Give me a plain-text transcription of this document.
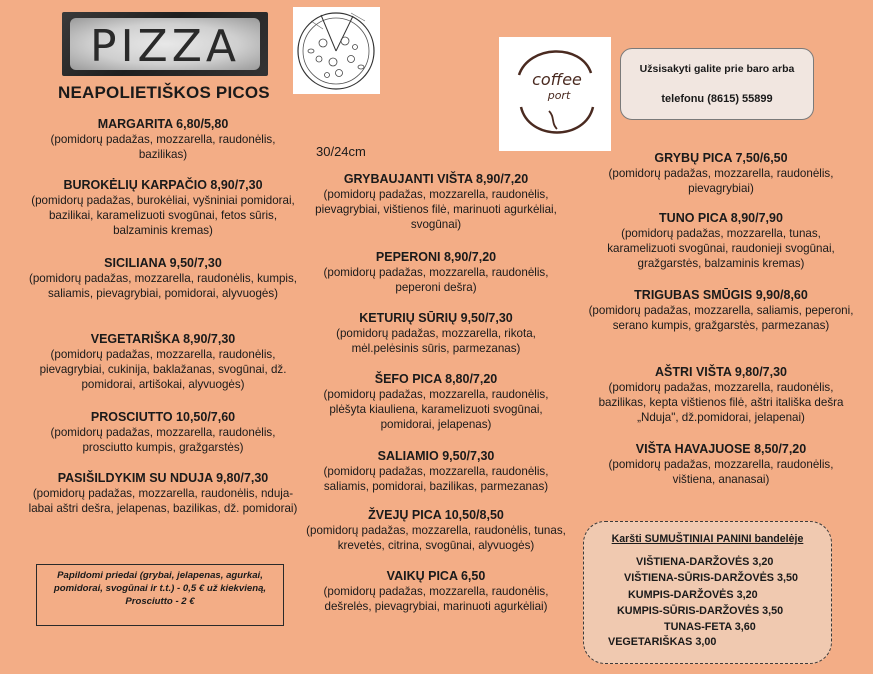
PIZZA
coffee
port
Užsisakyti galite prie baro arba
telefonu (8615) 55899
NEAPOLIETIŠKOS PICOS
30/24cm
MARGARITA 6,80/5,80
(pomidorų padažas, mozzarella, raudonėlis, bazilikas)
BUROKĖLIŲ KARPAČIO 8,90/7,30
(pomidorų padažas, burokėliai, vyšniniai pomidorai, bazilikai, karamelizuoti svogūnai, fetos sūris, balzaminis kremas)
SICILIANA 9,50/7,30
(pomidorų padažas, mozzarella, raudonėlis, kumpis, saliamis, pievagrybiai, pomidorai, alyvuogės)
VEGETARIŠKA 8,90/7,30
(pomidorų padažas, mozzarella, raudonėlis, pievagrybiai, cukinija, baklažanas, svogūnai, dž. pomidorai, artišokai, alyvuogės)
PROSCIUTTO 10,50/7,60
(pomidorų padažas, mozzarella, raudonėlis, prosciutto kumpis, gražgarstės)
PASIŠILDYKIM SU NDUJA 9,80/7,30
(pomidorų padažas, mozzarella, raudonėlis, nduja-labai aštri dešra, jelapenas, bazilikas, dž. pomidorai)
Papildomi priedai (grybai, jelapenas, agurkai,
pomidorai, svogūnai ir t.t.) - 0,5 € už kiekvieną,
Prosciutto - 2 €
GRYBAUJANTI VIŠTA 8,90/7,20
(pomidorų padažas, mozzarella, raudonėlis, pievagrybiai, vištienos filė, marinuoti agurkėliai, svogūnai)
PEPERONI 8,90/7,20
(pomidorų padažas, mozzarella, raudonėlis, peperoni dešra)
KETURIŲ SŪRIŲ 9,50/7,30
(pomidorų padažas, mozzarella, rikota, mėl.pelėsinis sūris, parmezanas)
ŠEFO PICA 8,80/7,20
(pomidorų padažas, mozzarella, raudonėlis, plėšyta kiauliena, karamelizuoti svogūnai, pomidorai, jelapenas)
SALIAMIO 9,50/7,30
(pomidorų padažas, mozzarella, raudonėlis, saliamis, pomidorai, bazilikas, parmezanas)
ŽVEJŲ PICA 10,50/8,50
(pomidorų padažas, mozzarella, raudonėlis, tunas, krevetės, citrina, svogūnai, alyvuogės)
VAIKŲ PICA 6,50
(pomidorų padažas, mozzarella, raudonėlis, dešrelės, pievagrybiai, marinuoti agurkėliai)
GRYBŲ PICA 7,50/6,50
(pomidorų padažas, mozzarella, raudonėlis, pievagrybiai)
TUNO PICA 8,90/7,90
(pomidorų padažas, mozzarella, tunas, karamelizuoti svogūnai, raudonieji svogūnai, gražgarstės, balzaminis kremas)
TRIGUBAS SMŪGIS 9,90/8,60
(pomidorų padažas, mozzarella, saliamis, peperoni, serano kumpis, gražgarstės, parmezanas)
AŠTRI VIŠTA 9,80/7,30
(pomidorų padažas, mozzarella, raudonėlis, bazilikas, kepta vištienos filė, aštri itališka dešra „Nduja", dž.pomidorai, jelapenai)
VIŠTA HAVAJUOSE 8,50/7,20
(pomidorų padažas, mozzarella, raudonėlis, vištiena, ananasai)
Karšti SUMUŠTINIAI PANINI bandelėje
VIŠTIENA-DARŽOVĖS 3,20
VIŠTIENA-SŪRIS-DARŽOVĖS 3,50
KUMPIS-DARŽOVĖS 3,20
KUMPIS-SŪRIS-DARŽOVĖS 3,50
TUNAS-FETA 3,60
VEGETARIŠKAS 3,00
